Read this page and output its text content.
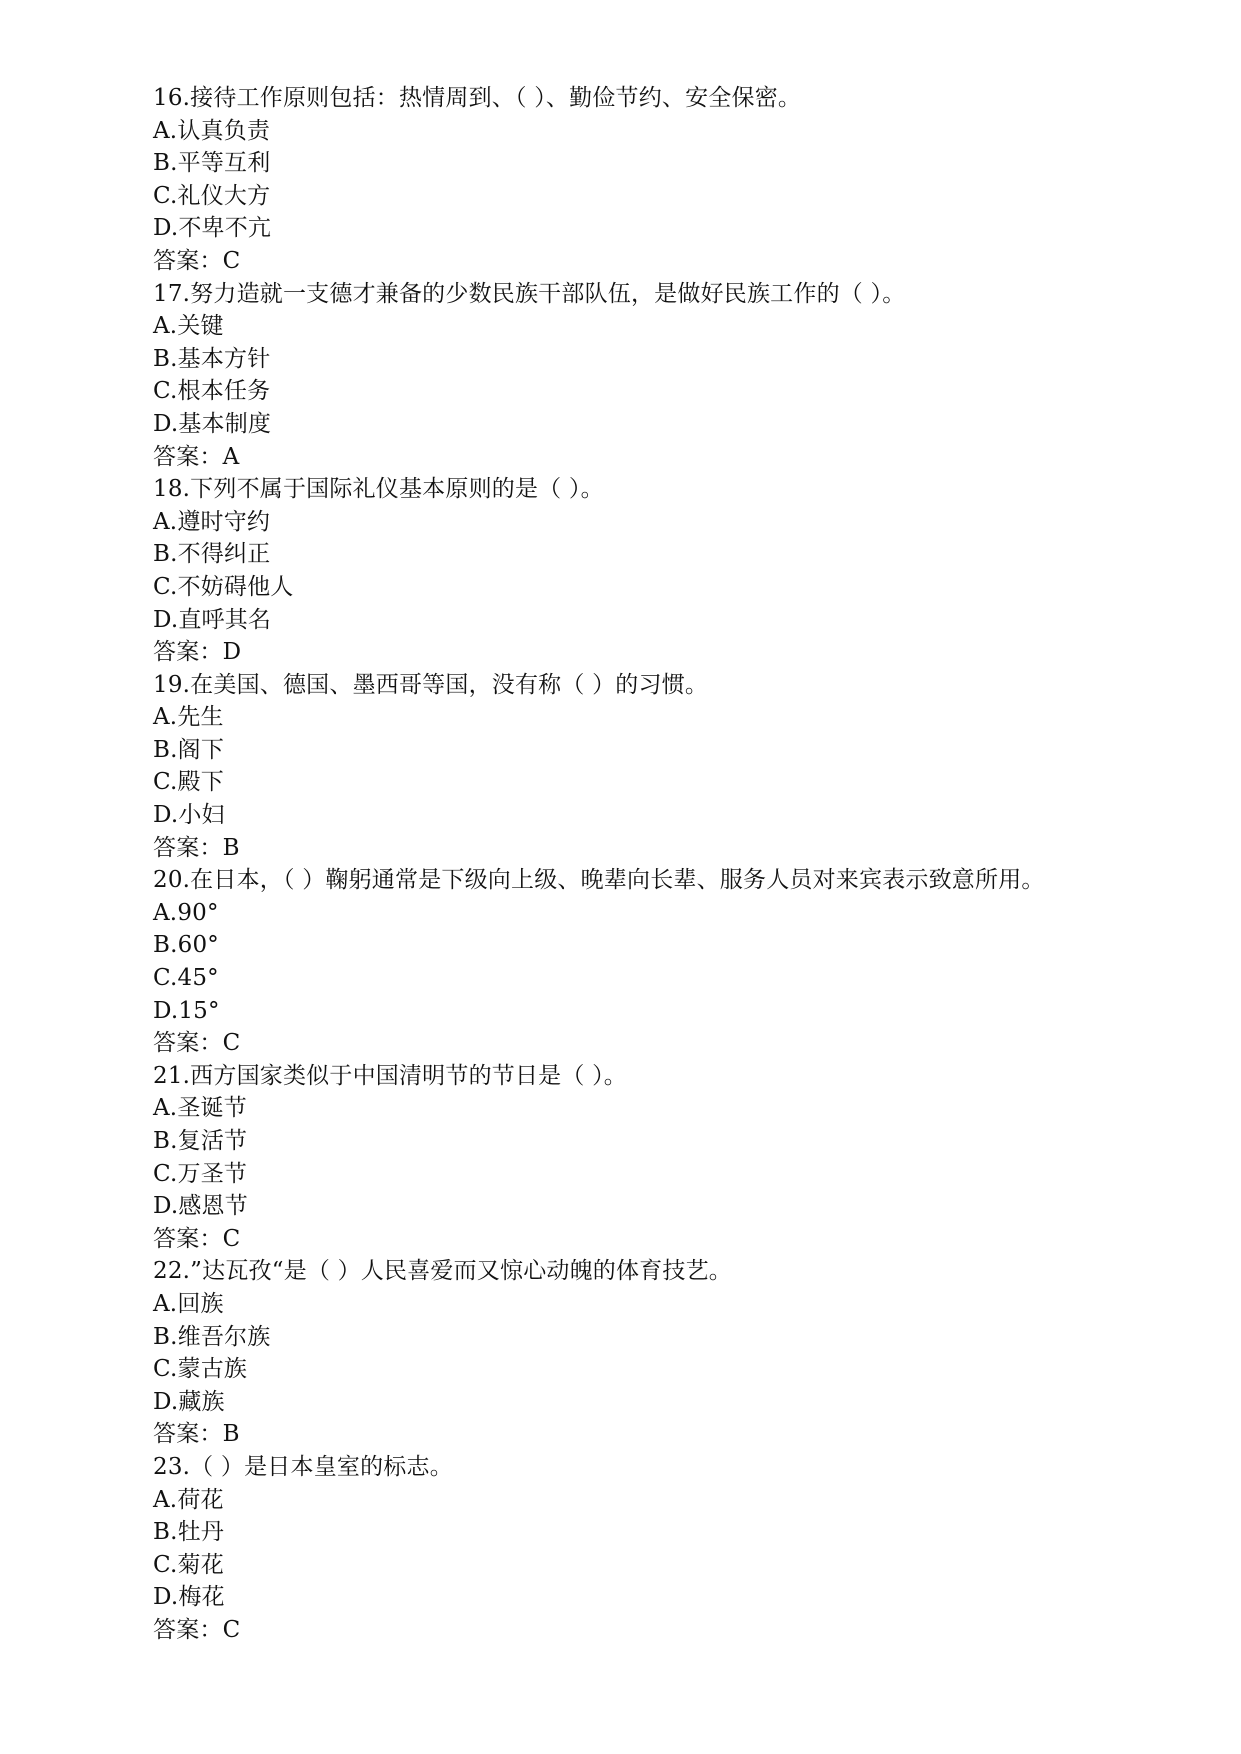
16.接待工作原则包括：热情周到、（ ）、勤俭节约、安全保密。
A.认真负责
B.平等互利
C.礼仪大方
D.不卑不亢
答案：C
17.努力造就一支德才兼备的少数民族干部队伍，是做好民族工作的（ ）。
A.关键
B.基本方针
C.根本任务
D.基本制度
答案：A
18.下列不属于国际礼仪基本原则的是（ ）。
A.遵时守约
B.不得纠正
C.不妨碍他人
D.直呼其名
答案：D
19.在美国、德国、墨西哥等国，没有称（ ）的习惯。
A.先生
B.阁下
C.殿下
D.小妇
答案：B
20.在日本，（ ）鞠躬通常是下级向上级、晚辈向长辈、服务人员对来宾表示致意所用。
A.90°
B.60°
C.45°
D.15°
答案：C
21.西方国家类似于中国清明节的节日是（ ）。
A.圣诞节
B.复活节
C.万圣节
D.感恩节
答案：C
22.”达瓦孜“是（ ）人民喜爱而又惊心动魄的体育技艺。
A.回族
B.维吾尔族
C.蒙古族
D.藏族
答案：B
23.（ ）是日本皇室的标志。
A.荷花
B.牡丹
C.菊花
D.梅花
答案：C
